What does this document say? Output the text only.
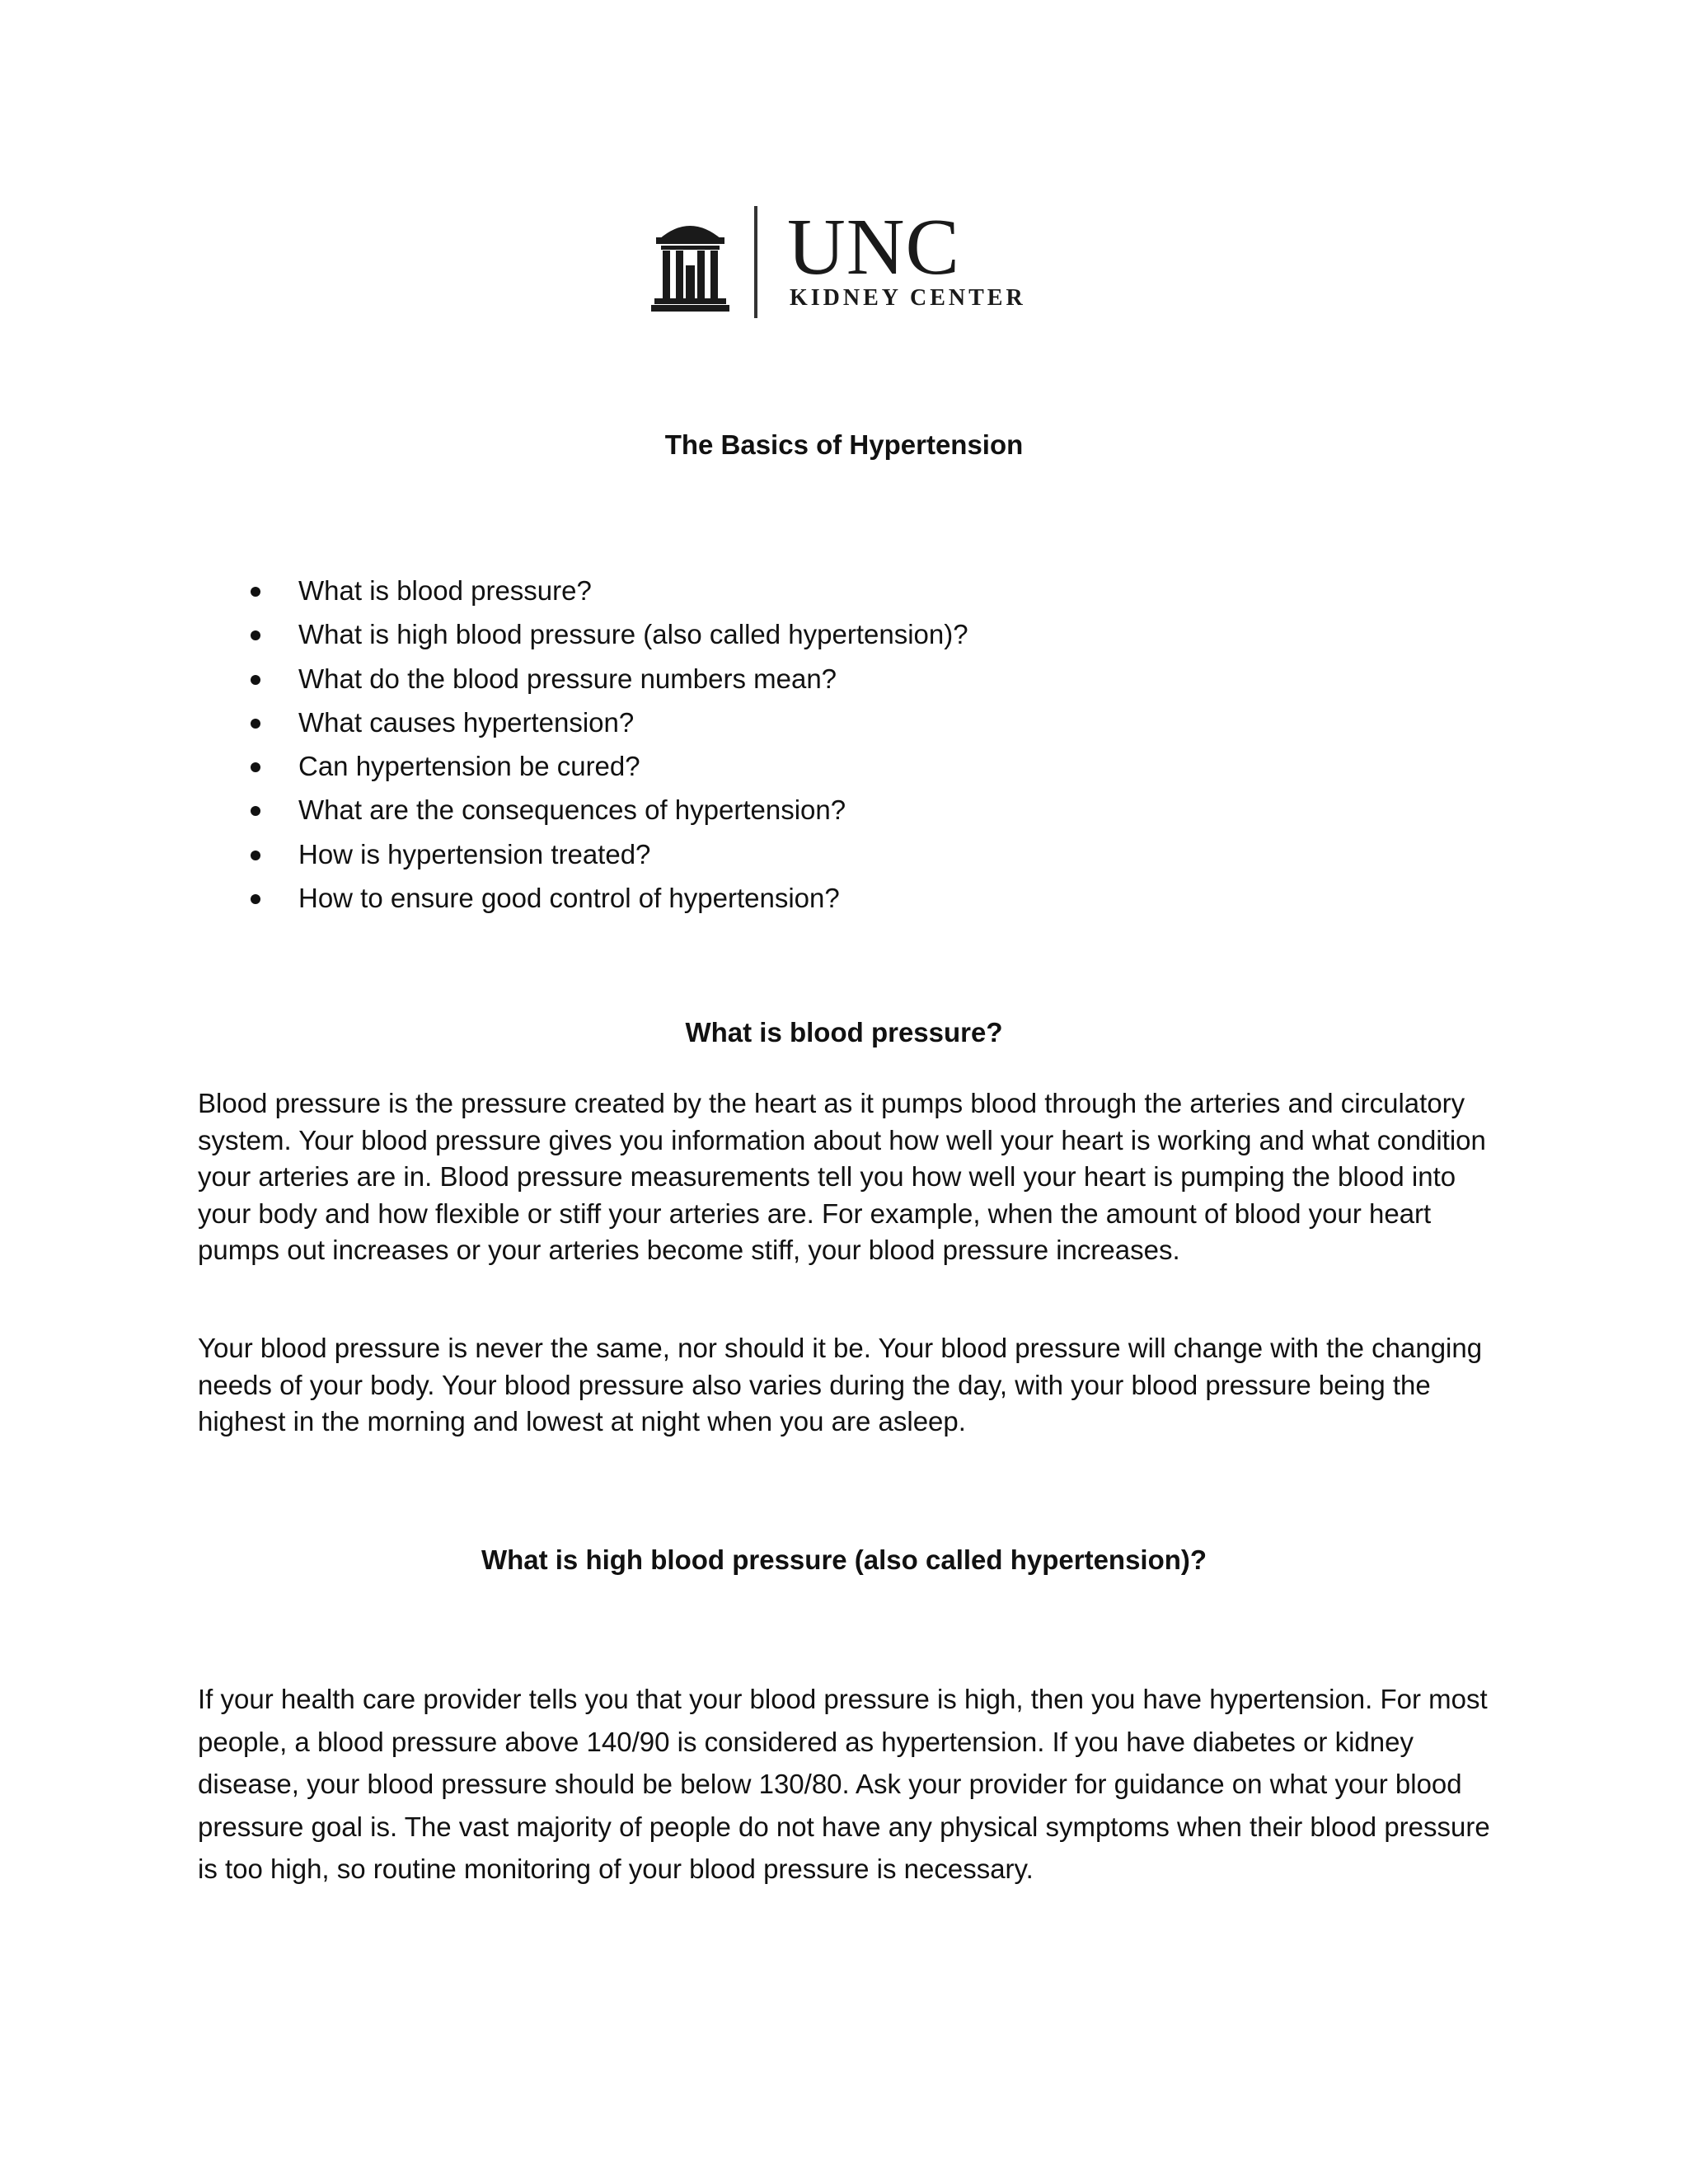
UNC
KIDNEY CENTER
The Basics of Hypertension
What is blood pressure?
What is high blood pressure (also called hypertension)?
What do the blood pressure numbers mean?
What causes hypertension?
Can hypertension be cured?
What are the consequences of hypertension?
How is hypertension treated?
How to ensure good control of hypertension?
What is blood pressure?

Blood pressure is the pressure created by the heart as it pumps blood through the arteries and circulatory system. Your blood pressure gives you information about how well your heart is working and what condition your arteries are in. Blood pressure measurements tell you how well your heart is pumping the blood into your body and how flexible or stiff your arteries are. For example, when the amount of blood your heart pumps out increases or your arteries become stiff, your blood pressure increases.

Your blood pressure is never the same, nor should it be. Your blood pressure will change with the changing needs of your body. Your blood pressure also varies during the day, with your blood pressure being the highest in the morning and lowest at night when you are asleep.

What is high blood pressure (also called hypertension)?

If your health care provider tells you that your blood pressure is high, then you have hypertension. For most people, a blood pressure above 140/90 is considered as hypertension. If you have diabetes or kidney disease, your blood pressure should be below 130/80. Ask your provider for guidance on what your blood pressure goal is. The vast majority of people do not have any physical symptoms when their blood pressure is too high, so routine monitoring of your blood pressure is necessary.
